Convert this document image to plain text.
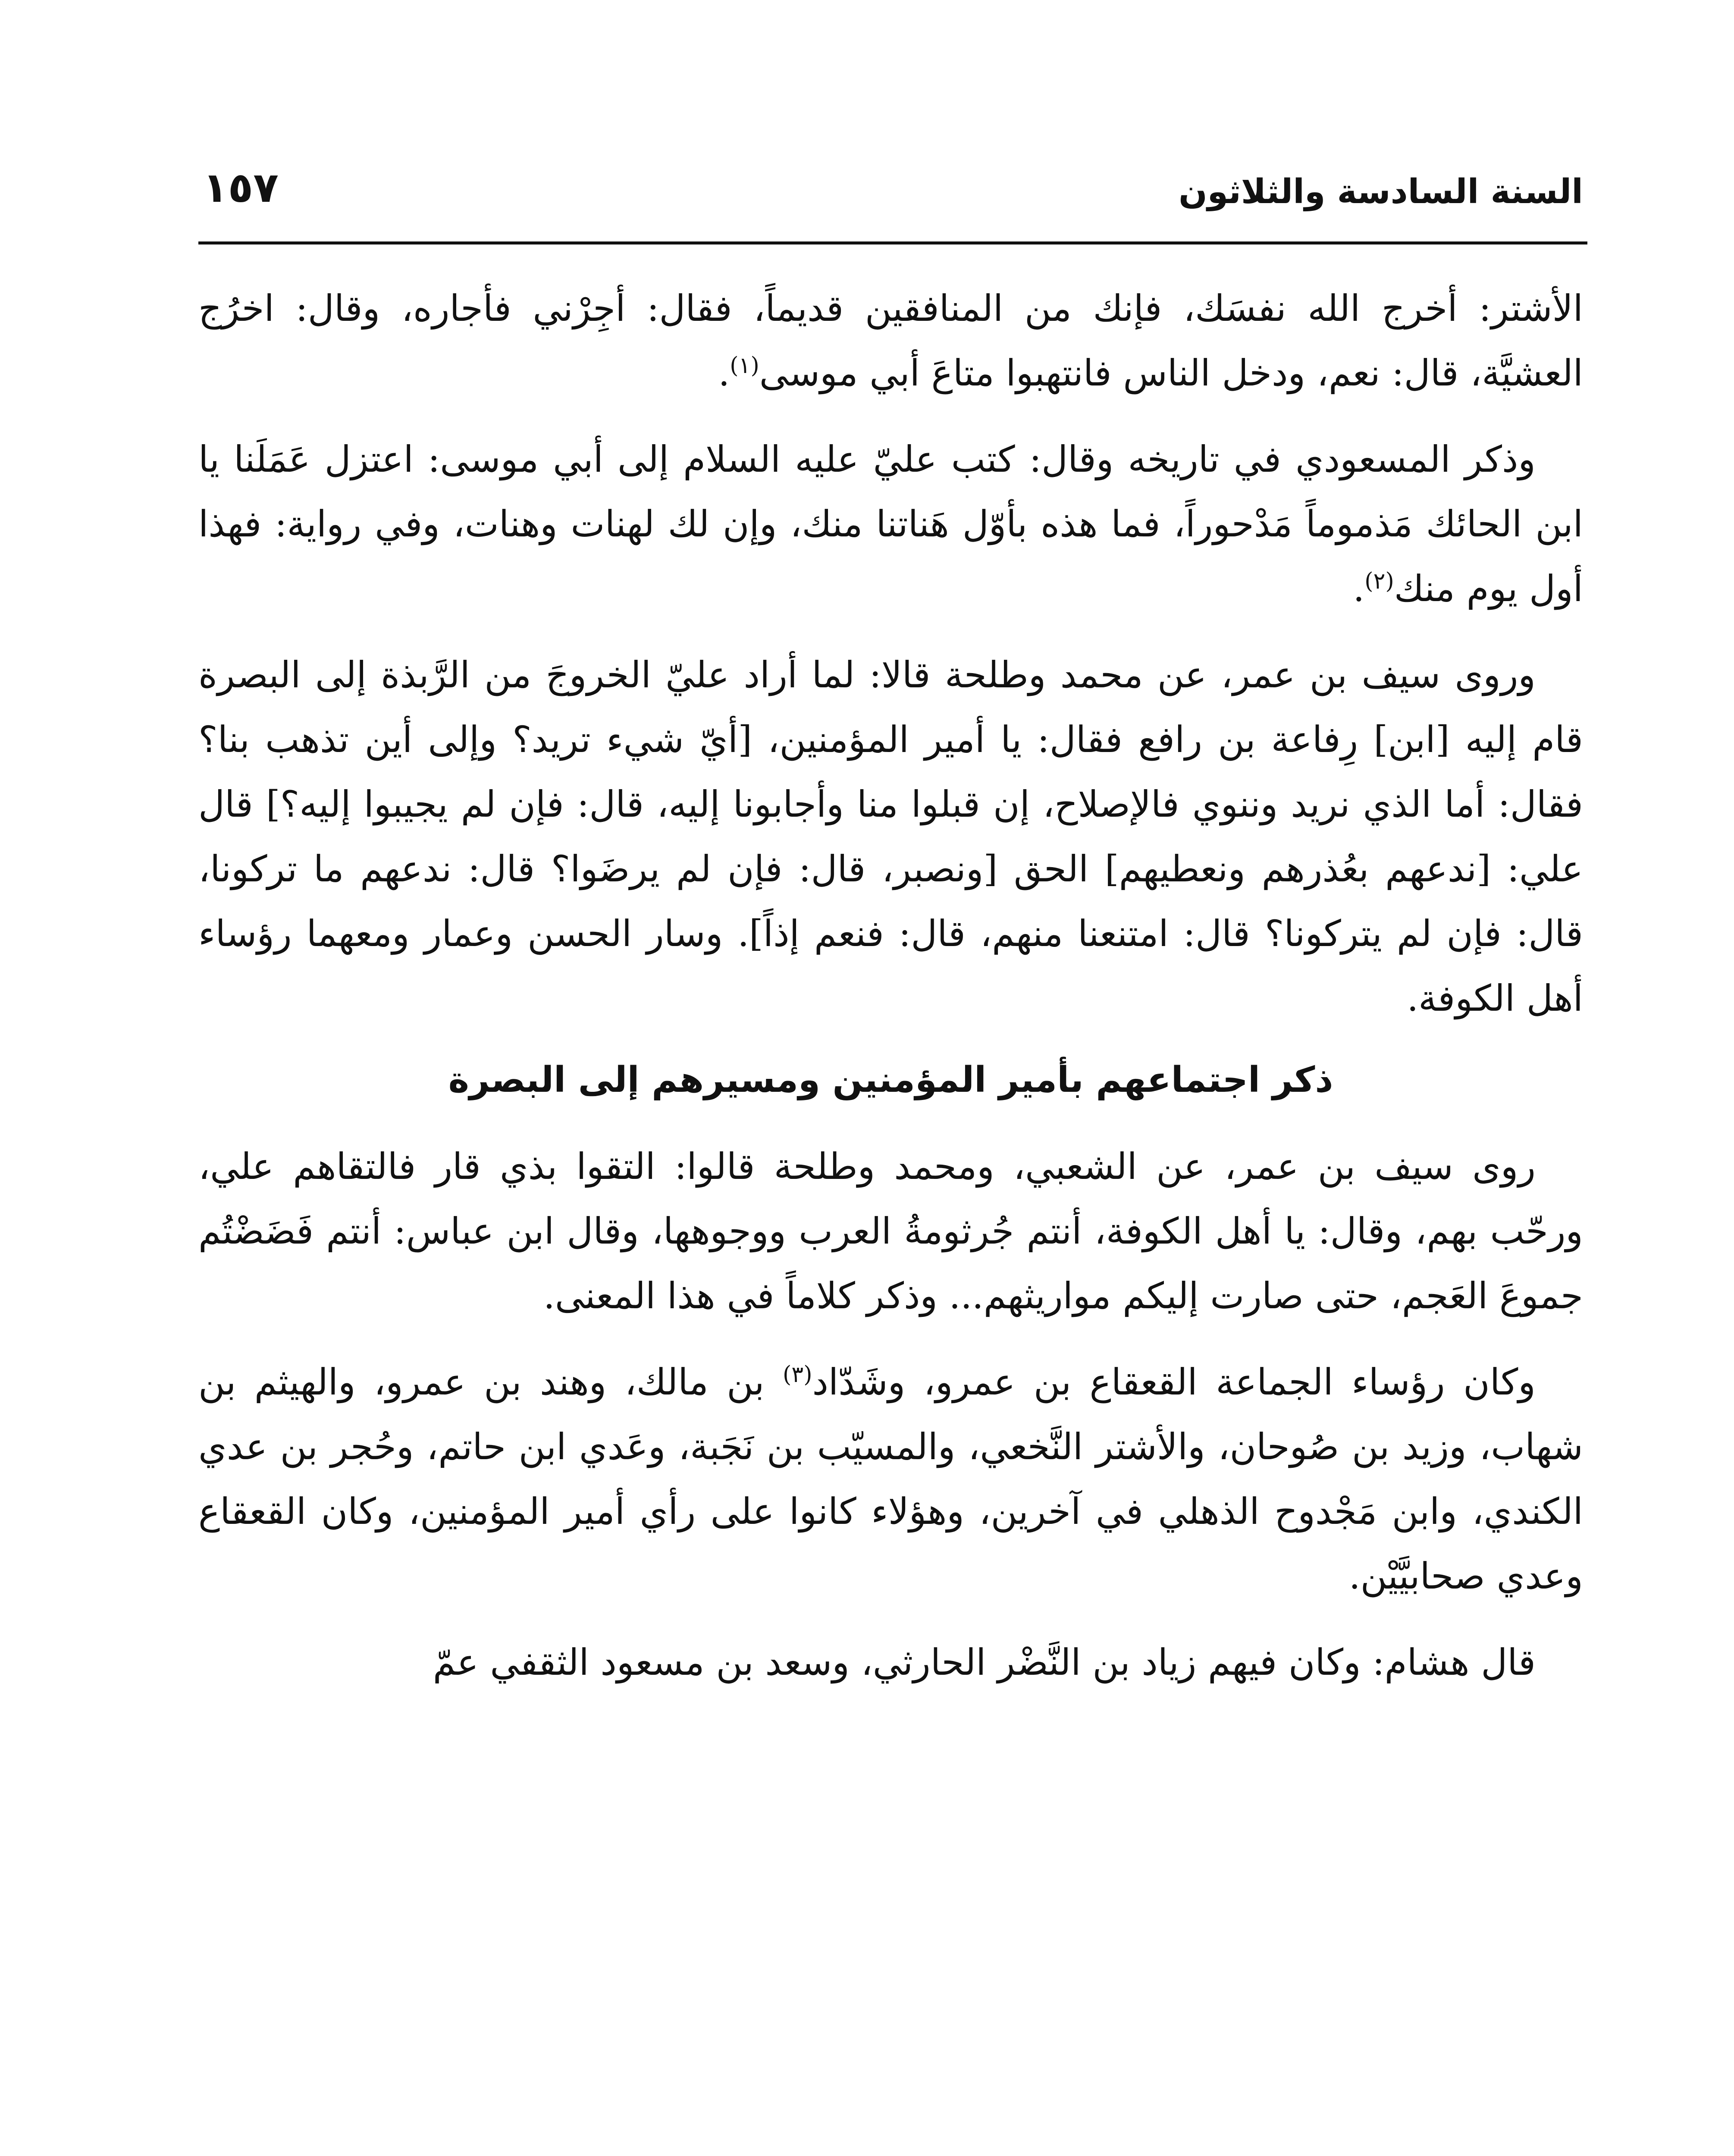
السنة السادسة والثلاثون
١٥٧

الأشتر: أخرج الله نفسَك، فإنك من المنافقين قديماً، فقال: أجِرْني فأجاره، وقال: اخرُج العشيَّة، قال: نعم، ودخل الناس فانتهبوا متاعَ أبي موسى$^{(١)}$.

وذكر المسعودي في تاريخه وقال: كتب عليّ عليه السلام إلى أبي موسى: اعتزل عَمَلَنا يا ابن الحائك مَذموماً مَدْحوراً، فما هذه بأوّل هَناتنا منك، وإن لك لهنات وهنات، وفي رواية: فهذا أول يوم منك$^{(٢)}$.

وروى سيف بن عمر، عن محمد وطلحة قالا: لما أراد عليّ الخروجَ من الرَّبذة إلى البصرة قام إليه [ابن] رِفاعة بن رافع فقال: يا أمير المؤمنين، [أيّ شيء تريد؟ وإلى أين تذهب بنا؟ فقال: أما الذي نريد وننوي فالإصلاح، إن قبلوا منا وأجابونا إليه، قال: فإن لم يجيبوا إليه؟] قال علي: [ندعهم بعُذرهم ونعطيهم] الحق [ونصبر، قال: فإن لم يرضَوا؟ قال: ندعهم ما تركونا، قال: فإن لم يتركونا؟ قال: امتنعنا منهم، قال: فنعم إذاً]. وسار الحسن وعمار ومعهما رؤساء أهل الكوفة.

ذكر اجتماعهم بأمير المؤمنين ومسيرهم إلى البصرة

روى سيف بن عمر، عن الشعبي، ومحمد وطلحة قالوا: التقوا بذي قار فالتقاهم علي، ورحّب بهم، وقال: يا أهل الكوفة، أنتم جُرثومةُ العرب ووجوهها، وقال ابن عباس: أنتم فَضَضْتُم جموعَ العَجم، حتى صارت إليكم مواريثهم... وذكر كلاماً في هذا المعنى.

وكان رؤساء الجماعة القعقاع بن عمرو، وشَدّاد$^{(٣)}$ بن مالك، وهند بن عمرو، والهيثم بن شهاب، وزيد بن صُوحان، والأشتر النَّخعي، والمسيّب بن نَجَبة، وعَدي ابن حاتم، وحُجر بن عدي الكندي، وابن مَجْدوح الذهلي في آخرين، وهؤلاء كانوا على رأي أمير المؤمنين، وكان القعقاع وعدي صحابيَّيْن.

قال هشام: وكان فيهم زياد بن النَّضْر الحارثي، وسعد بن مسعود الثقفي عمّ
